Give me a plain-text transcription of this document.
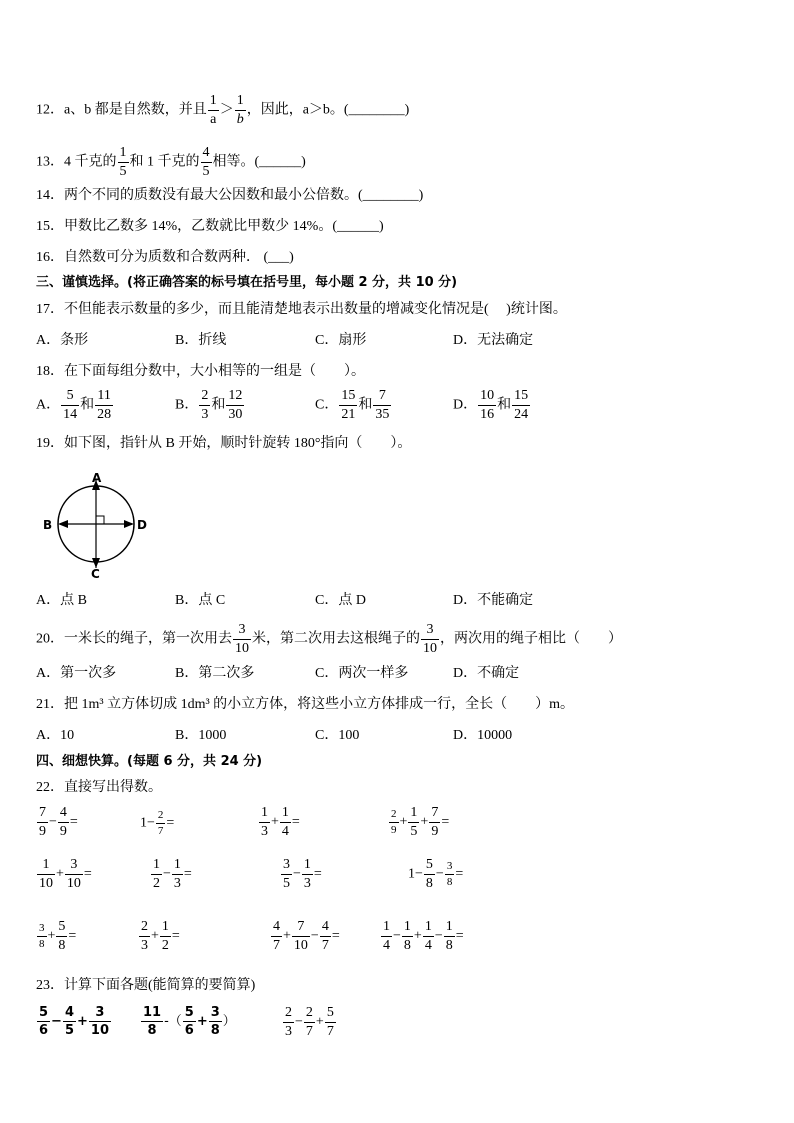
12．a、b 都是自然数，并且 $\frac{1}{a} > \frac{1}{b}$ ，因此，a＞b。(________)
13．4 千克的 $\frac{1}{5}$ 和 1 千克的 $\frac{4}{5}$ 相等。(______)
14．两个不同的质数没有最大公因数和最小公倍数。(________)
15．甲数比乙数多 14%，乙数就比甲数少 14%。(______)
16．自然数可分为质数和合数两种． (___)
三、谨慎选择。(将正确答案的标号填在括号里，每小题 2 分，共 10 分)
17．不但能表示数量的多少，而且能清楚地表示出数量的增减变化情况是(　 )统计图。
A．条形	B．折线	C．扇形	D．无法确定
18．在下面每组分数中，大小相等的一组是（　　）。
A． $\frac{5}{14}$ 和 $\frac{11}{28}$	B． $\frac{2}{3}$ 和 $\frac{12}{30}$	C． $\frac{15}{21}$ 和 $\frac{7}{35}$	D． $\frac{10}{16}$ 和 $\frac{15}{24}$
19．如下图，指针从 B 开始，顺时针旋转 180°指向（　　）。
A
B
C
D
A．点 B	B．点 C	C．点 D	D．不能确定
20．一米长的绳子，第一次用去 $\frac{3}{10}$ 米，第二次用去这根绳子的 $\frac{3}{10}$ ，两次用的绳子相比（　　）
A．第一次多	B．第二次多	C．两次一样多	D．不确定
21．把 1m³ 立方体切成 1dm³ 的小立方体，将这些小立方体排成一行，全长（　　）m。
A．10	B．1000	C．100	D．10000
四、细想快算。(每题 6 分，共 24 分)
22．直接写出得数。
$\frac{7}{9} - \frac{4}{9}$ =	$1- \frac{2}{7}$ =	$\frac{1}{3} + \frac{1}{4}$ =	$\frac{2}{9} + \frac{1}{5} + \frac{7}{9}$ =
$\frac{1}{10} + \frac{3}{10}$ =	$\frac{1}{2} - \frac{1}{3}$ =	$\frac{3}{5} - \frac{1}{3}$ =	$1- \frac{5}{8} - \frac{3}{8}$ =
$\frac{3}{8} + \frac{5}{8}$ =	$\frac{2}{3} + \frac{1}{2}$ =	$\frac{4}{7} + \frac{7}{10} - \frac{4}{7}$ =	$\frac{1}{4} - \frac{1}{8} + \frac{1}{4} - \frac{1}{8}$ =
23．计算下面各题(能简算的要简算)
$\frac{5}{6} - \frac{4}{5} + \frac{3}{10} \frac{11}{8}$ -（ $\frac{5}{6} + \frac{3}{8}$ ）	$\frac{2}{3} - \frac{2}{7} + \frac{5}{7}$
